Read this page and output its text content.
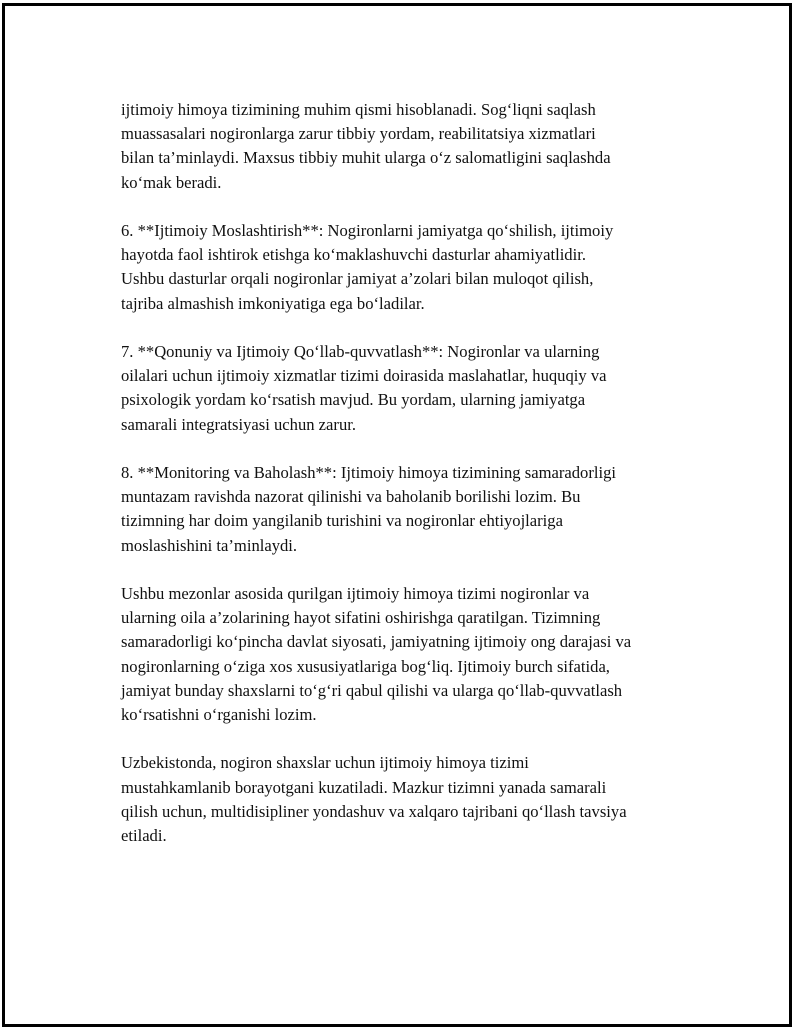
ijtimoiy himoya tizimining muhim qismi hisoblanadi. Sog‘liqni saqlash
muassasalari nogironlarga zarur tibbiy yordam, reabilitatsiya xizmatlari
bilan ta’minlaydi. Maxsus tibbiy muhit ularga o‘z salomatligini saqlashda
ko‘mak beradi.

6. **Ijtimoiy Moslashtirish**: Nogironlarni jamiyatga qo‘shilish, ijtimoiy
hayotda faol ishtirok etishga ko‘maklashuvchi dasturlar ahamiyatlidir.
Ushbu dasturlar orqali nogironlar jamiyat a’zolari bilan muloqot qilish,
tajriba almashish imkoniyatiga ega bo‘ladilar.

7. **Qonuniy va Ijtimoiy Qo‘llab-quvvatlash**: Nogironlar va ularning
oilalari uchun ijtimoiy xizmatlar tizimi doirasida maslahatlar, huquqiy va
psixologik yordam ko‘rsatish mavjud. Bu yordam, ularning jamiyatga
samarali integratsiyasi uchun zarur.

8. **Monitoring va Baholash**: Ijtimoiy himoya tizimining samaradorligi
muntazam ravishda nazorat qilinishi va baholanib borilishi lozim. Bu
tizimning har doim yangilanib turishini va nogironlar ehtiyojlariga
moslashishini ta’minlaydi.

Ushbu mezonlar asosida qurilgan ijtimoiy himoya tizimi nogironlar va
ularning oila a’zolarining hayot sifatini oshirishga qaratilgan. Tizimning
samaradorligi ko‘pincha davlat siyosati, jamiyatning ijtimoiy ong darajasi va
nogironlarning o‘ziga xos xususiyatlariga bog‘liq. Ijtimoiy burch sifatida,
jamiyat bunday shaxslarni to‘g‘ri qabul qilishi va ularga qo‘llab-quvvatlash
ko‘rsatishni o‘rganishi lozim.

Uzbekistonda, nogiron shaxslar uchun ijtimoiy himoya tizimi
mustahkamlanib borayotgani kuzatiladi. Mazkur tizimni yanada samarali
qilish uchun, multidisipliner yondashuv va xalqaro tajribani qo‘llash tavsiya
etiladi.
